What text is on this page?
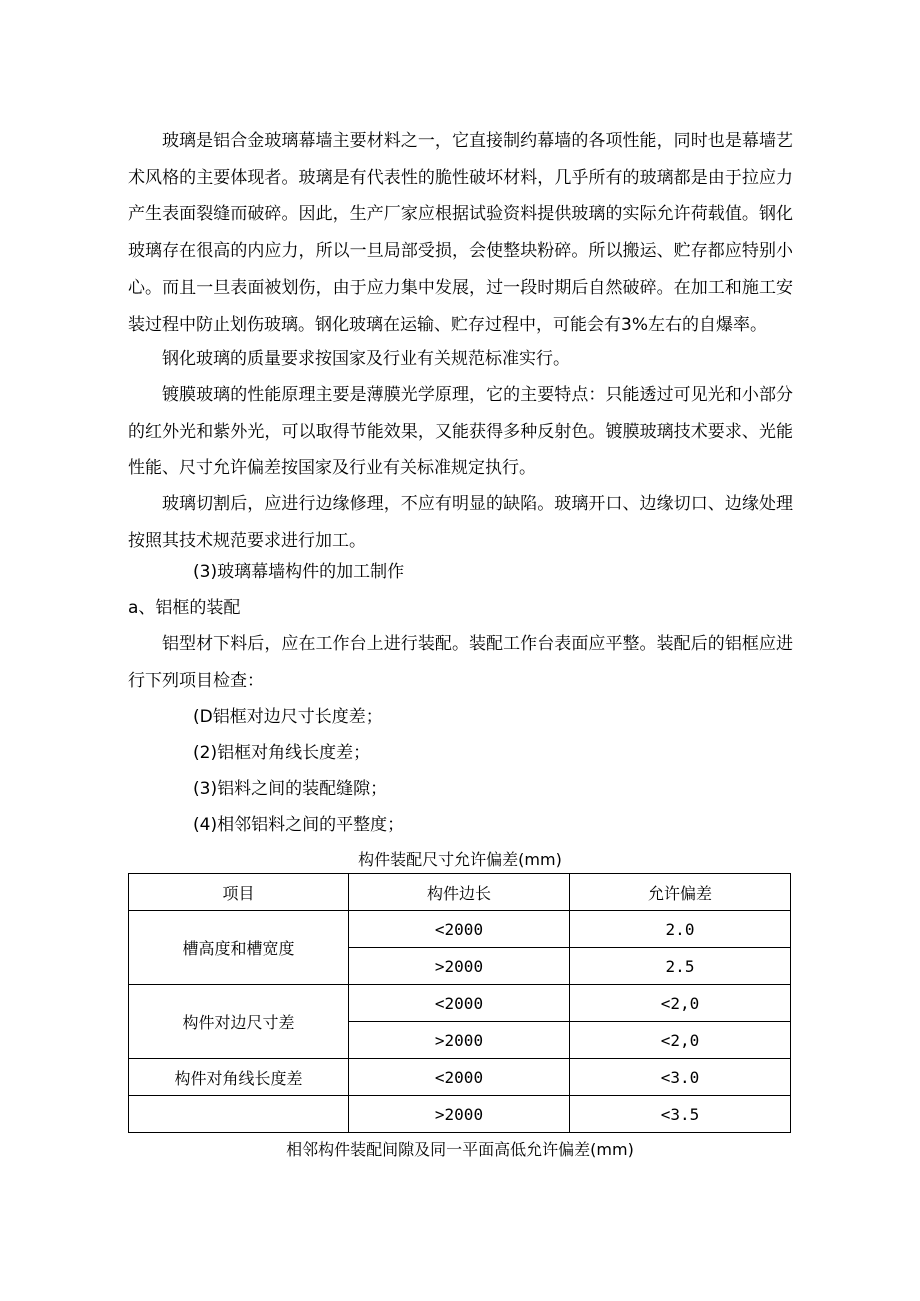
玻璃是铝合金玻璃幕墙主要材料之一，它直接制约幕墙的各项性能，同时也是幕墙艺术风格的主要体现者。玻璃是有代表性的脆性破坏材料，几乎所有的玻璃都是由于拉应力产生表面裂缝而破碎。因此，生产厂家应根据试验资料提供玻璃的实际允许荷载值。钢化玻璃存在很高的内应力，所以一旦局部受损，会使整块粉碎。所以搬运、贮存都应特别小心。而且一旦表面被划伤，由于应力集中发展，过一段时期后自然破碎。在加工和施工安装过程中防止划伤玻璃。钢化玻璃在运输、贮存过程中，可能会有3%左右的自爆率。

钢化玻璃的质量要求按国家及行业有关规范标准实行。

镀膜玻璃的性能原理主要是薄膜光学原理，它的主要特点：只能透过可见光和小部分的红外光和紫外光，可以取得节能效果，又能获得多种反射色。镀膜玻璃技术要求、光能性能、尺寸允许偏差按国家及行业有关标准规定执行。

玻璃切割后，应进行边缘修理，不应有明显的缺陷。玻璃开口、边缘切口、边缘处理按照其技术规范要求进行加工。

(3)玻璃幕墙构件的加工制作

a、铝框的装配

铝型材下料后，应在工作台上进行装配。装配工作台表面应平整。装配后的铝框应进行下列项目检查：

(D铝框对边尺寸长度差；

(2)铝框对角线长度差；

(3)铝料之间的装配缝隙；

(4)相邻铝料之间的平整度；

构件装配尺寸允许偏差(mm)
项目	构件边长	允许偏差
槽高度和槽宽度	<2000	2.0
	>2000	2.5
构件对边尺寸差	<2000	<2,0
	>2000	<2,0
构件对角线长度差	<2000	<3.0
	>2000	<3.5
相邻构件装配间隙及同一平面高低允许偏差(mm)
